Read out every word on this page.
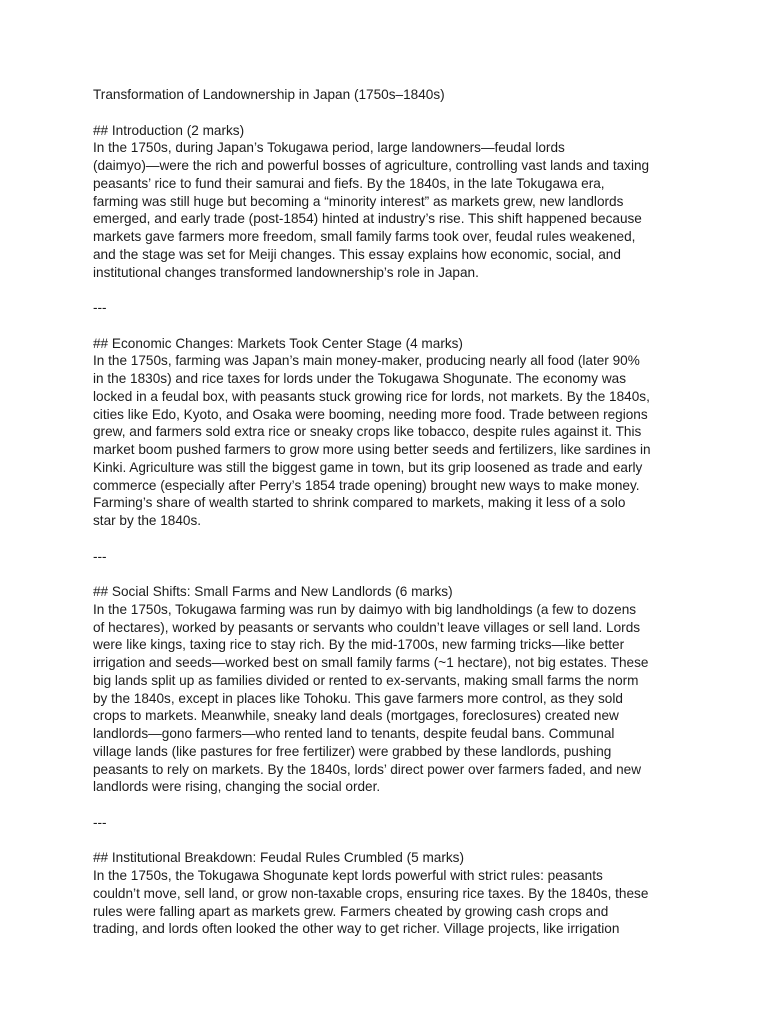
Transformation of Landownership in Japan (1750s–1840s)
## Introduction (2 marks)
In the 1750s, during Japan’s Tokugawa period, large landowners—feudal lords
(daimyo)—were the rich and powerful bosses of agriculture, controlling vast lands and taxing
peasants’ rice to fund their samurai and fiefs. By the 1840s, in the late Tokugawa era,
farming was still huge but becoming a “minority interest” as markets grew, new landlords
emerged, and early trade (post-1854) hinted at industry’s rise. This shift happened because
markets gave farmers more freedom, small family farms took over, feudal rules weakened,
and the stage was set for Meiji changes. This essay explains how economic, social, and
institutional changes transformed landownership’s role in Japan.
---
## Economic Changes: Markets Took Center Stage (4 marks)
In the 1750s, farming was Japan’s main money-maker, producing nearly all food (later 90%
in the 1830s) and rice taxes for lords under the Tokugawa Shogunate. The economy was
locked in a feudal box, with peasants stuck growing rice for lords, not markets. By the 1840s,
cities like Edo, Kyoto, and Osaka were booming, needing more food. Trade between regions
grew, and farmers sold extra rice or sneaky crops like tobacco, despite rules against it. This
market boom pushed farmers to grow more using better seeds and fertilizers, like sardines in
Kinki. Agriculture was still the biggest game in town, but its grip loosened as trade and early
commerce (especially after Perry’s 1854 trade opening) brought new ways to make money.
Farming’s share of wealth started to shrink compared to markets, making it less of a solo
star by the 1840s.
---
## Social Shifts: Small Farms and New Landlords (6 marks)
In the 1750s, Tokugawa farming was run by daimyo with big landholdings (a few to dozens
of hectares), worked by peasants or servants who couldn’t leave villages or sell land. Lords
were like kings, taxing rice to stay rich. By the mid-1700s, new farming tricks—like better
irrigation and seeds—worked best on small family farms (~1 hectare), not big estates. These
big lands split up as families divided or rented to ex-servants, making small farms the norm
by the 1840s, except in places like Tohoku. This gave farmers more control, as they sold
crops to markets. Meanwhile, sneaky land deals (mortgages, foreclosures) created new
landlords—gono farmers—who rented land to tenants, despite feudal bans. Communal
village lands (like pastures for free fertilizer) were grabbed by these landlords, pushing
peasants to rely on markets. By the 1840s, lords’ direct power over farmers faded, and new
landlords were rising, changing the social order.
---
## Institutional Breakdown: Feudal Rules Crumbled (5 marks)
In the 1750s, the Tokugawa Shogunate kept lords powerful with strict rules: peasants
couldn’t move, sell land, or grow non-taxable crops, ensuring rice taxes. By the 1840s, these
rules were falling apart as markets grew. Farmers cheated by growing cash crops and
trading, and lords often looked the other way to get richer. Village projects, like irrigation
